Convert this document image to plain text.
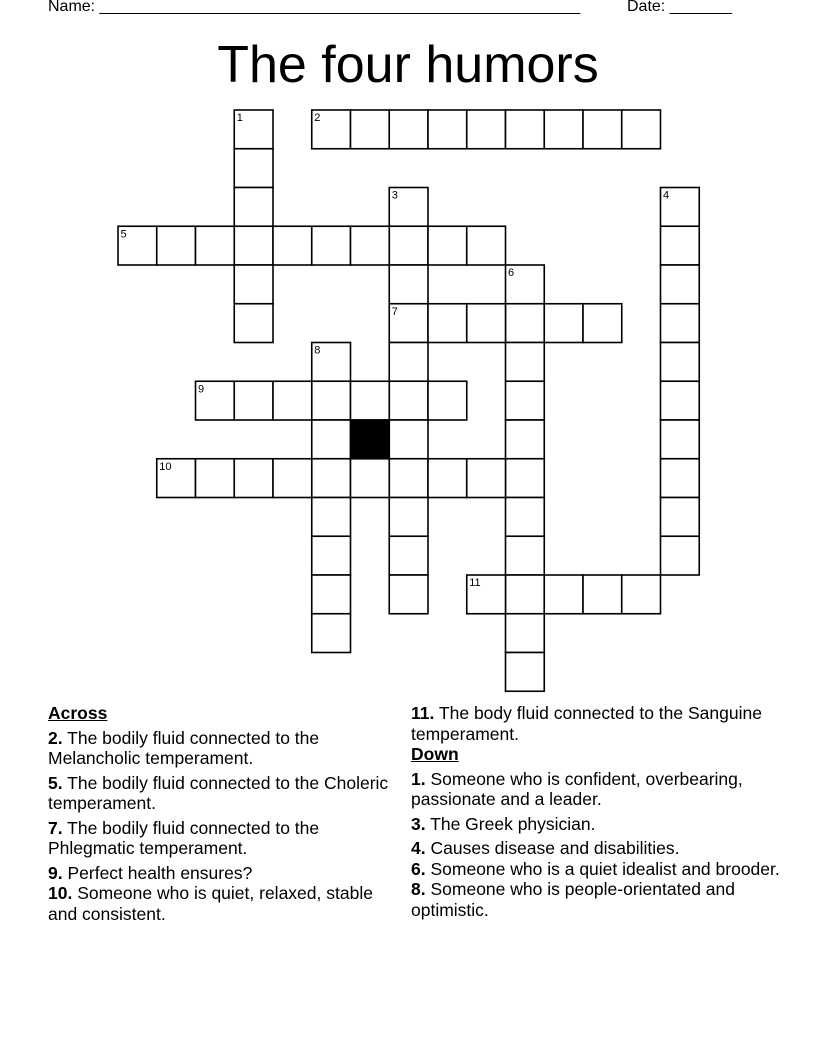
Name: ______________________________________________________	Date: _______
The four humors
1	2
3	4
5
6
7
8
9
10
11
Across
2. The bodily fluid connected to the Melancholic temperament.
5. The bodily fluid connected to the Choleric temperament.
7. The bodily fluid connected to the Phlegmatic temperament.
9. Perfect health ensures?
10. Someone who is quiet, relaxed, stable and consistent.
11. The body fluid connected to the Sanguine temperament.
Down
1. Someone who is confident, overbearing, passionate and a leader.
3. The Greek physician.
4. Causes disease and disabilities.
6. Someone who is a quiet idealist and brooder.
8. Someone who is people-orientated and optimistic.
